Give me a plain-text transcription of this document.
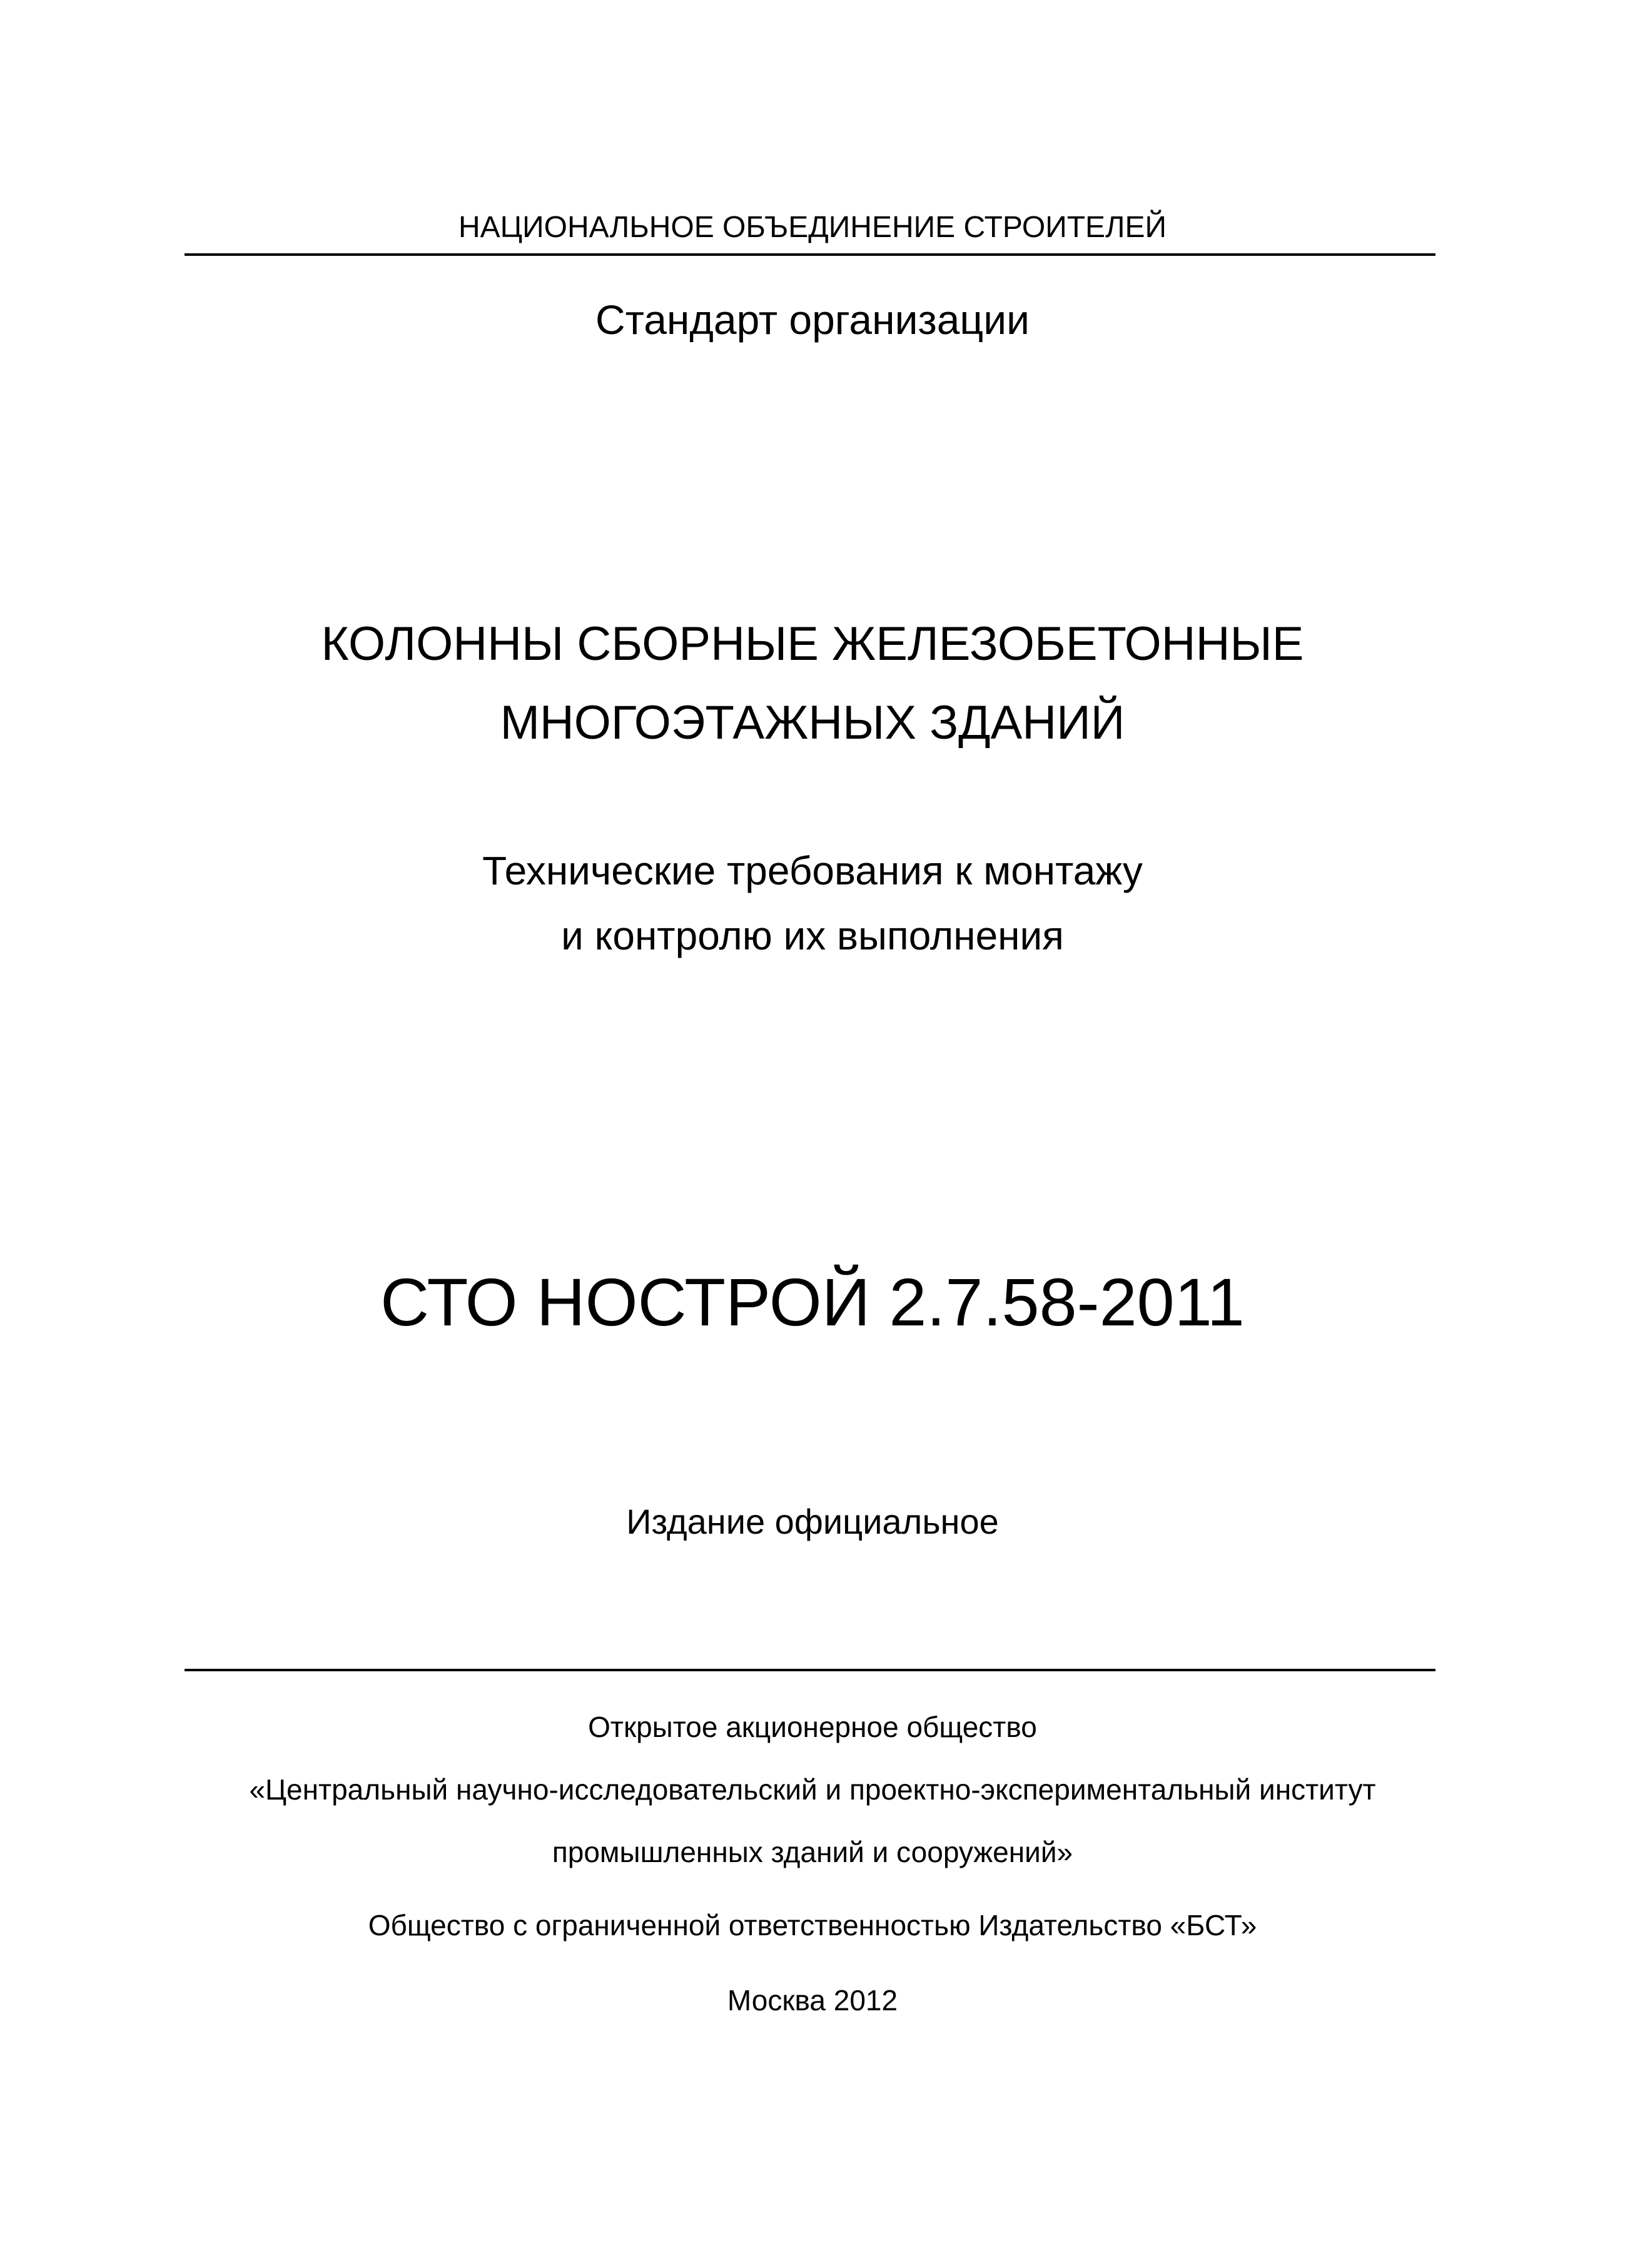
НАЦИОНАЛЬНОЕ ОБЪЕДИНЕНИЕ СТРОИТЕЛЕЙ
Стандарт организации
КОЛОННЫ СБОРНЫЕ ЖЕЛЕЗОБЕТОННЫЕ
МНОГОЭТАЖНЫХ ЗДАНИЙ
Технические требования к монтажу
и контролю их выполнения
СТО НОСТРОЙ 2.7.58-2011
Издание официальное
Открытое акционерное общество
«Центральный научно-исследовательский и проектно-экспериментальный институт
промышленных зданий и сооружений»
Общество с ограниченной ответственностью Издательство «БСТ»
Москва 2012
